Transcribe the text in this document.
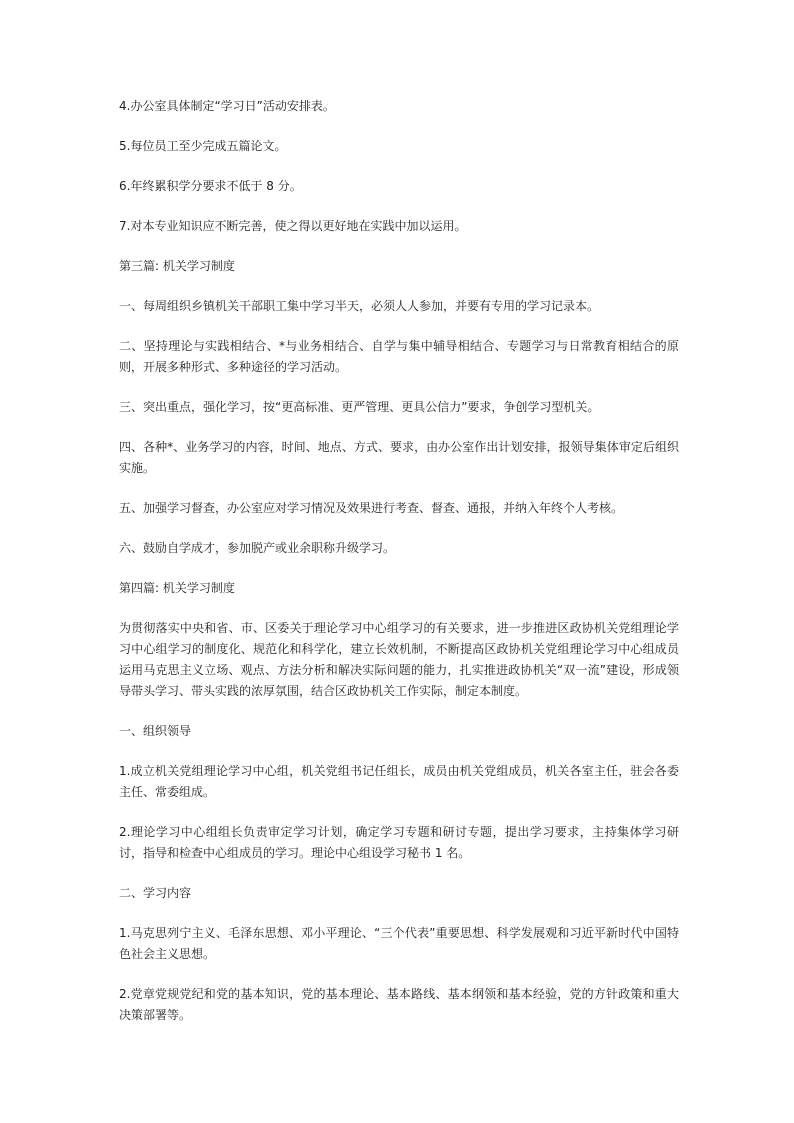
4.办公室具体制定“学习日”活动安排表。

5.每位员工至少完成五篇论文。

6.年终累积学分要求不低于 8 分。

7.对本专业知识应不断完善，使之得以更好地在实践中加以运用。

第三篇: 机关学习制度

一、每周组织乡镇机关干部职工集中学习半天，必须人人参加，并要有专用的学习记录本。

二、坚持理论与实践相结合、*与业务相结合、自学与集中辅导相结合、专题学习与日常教育相结合的原则，开展多种形式、多种途径的学习活动。

三、突出重点，强化学习，按“更高标准、更严管理、更具公信力”要求，争创学习型机关。

四、各种*、业务学习的内容，时间、地点、方式、要求，由办公室作出计划安排，报领导集体审定后组织实施。

五、加强学习督查，办公室应对学习情况及效果进行考查、督查、通报，并纳入年终个人考核。

六、鼓励自学成才，参加脱产或业余职称升级学习。

第四篇: 机关学习制度

为贯彻落实中央和省、市、区委关于理论学习中心组学习的有关要求，进一步推进区政协机关党组理论学习中心组学习的制度化、规范化和科学化，建立长效机制，不断提高区政协机关党组理论学习中心组成员运用马克思主义立场、观点、方法分析和解决实际问题的能力，扎实推进政协机关“双一流”建设，形成领导带头学习、带头实践的浓厚氛围，结合区政协机关工作实际，制定本制度。

一、组织领导

1.成立机关党组理论学习中心组，机关党组书记任组长，成员由机关党组成员，机关各室主任，驻会各委主任、常委组成。

2.理论学习中心组组长负责审定学习计划，确定学习专题和研讨专题，提出学习要求，主持集体学习研讨，指导和检查中心组成员的学习。理论中心组设学习秘书 1 名。

二、学习内容

1.马克思列宁主义、毛泽东思想、邓小平理论、“三个代表”重要思想、科学发展观和习近平新时代中国特色社会主义思想。

2.党章党规党纪和党的基本知识，党的基本理论、基本路线、基本纲领和基本经验，党的方针政策和重大决策部署等。
